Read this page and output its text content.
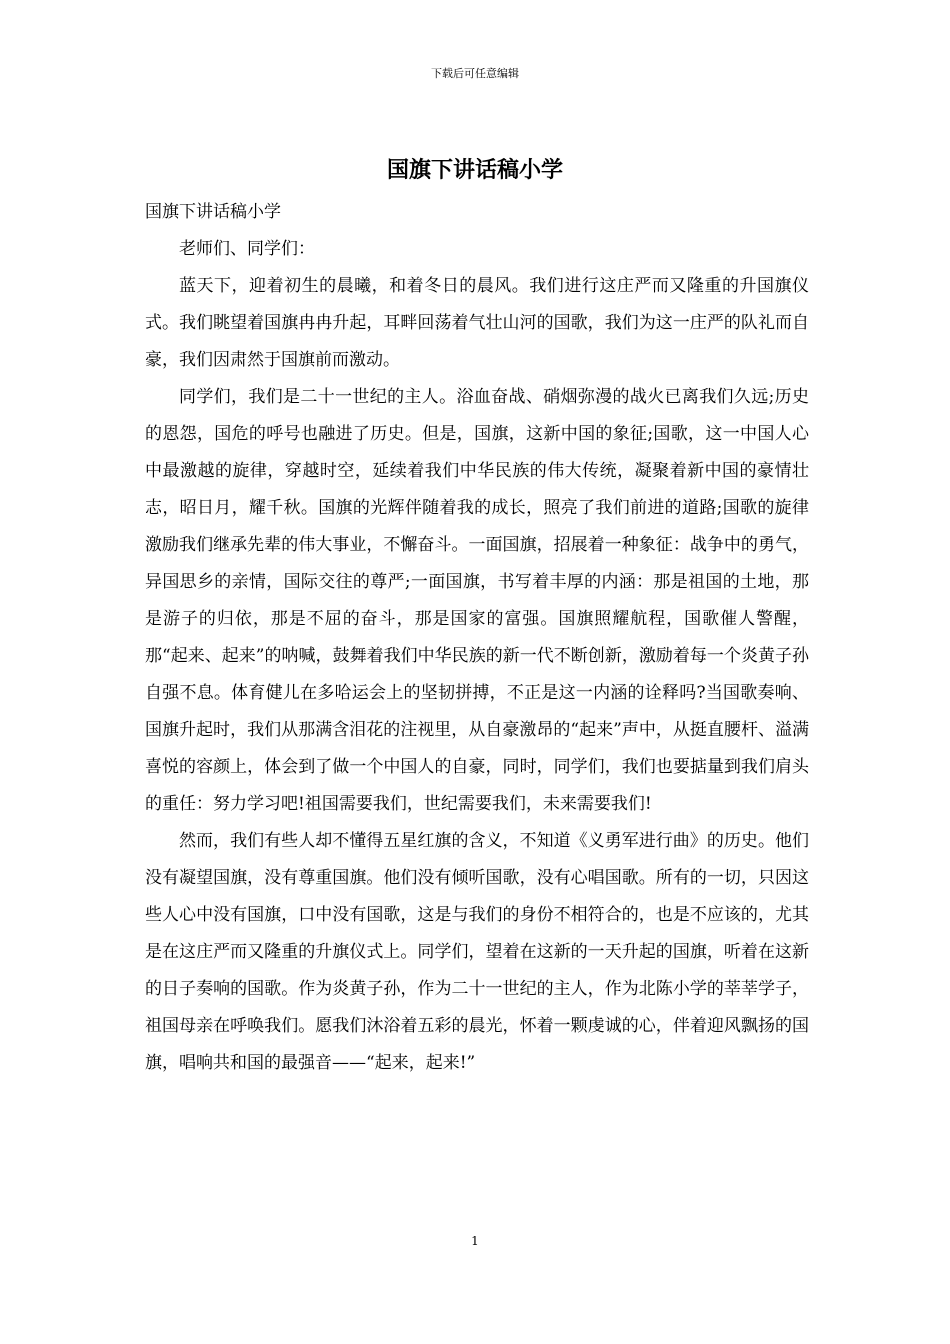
下载后可任意编辑
国旗下讲话稿小学

国旗下讲话稿小学

老师们、同学们：

蓝天下，迎着初生的晨曦，和着冬日的晨风。我们进行这庄严而又隆重的升国旗仪式。我们眺望着国旗冉冉升起，耳畔回荡着气壮山河的国歌，我们为这一庄严的队礼而自豪，我们因肃然于国旗前而激动。

同学们，我们是二十一世纪的主人。浴血奋战、硝烟弥漫的战火已离我们久远;历史的恩怨，国危的呼号也融进了历史。但是，国旗，这新中国的象征;国歌，这一中国人心中最激越的旋律，穿越时空，延续着我们中华民族的伟大传统，凝聚着新中国的豪情壮志，昭日月，耀千秋。国旗的光辉伴随着我的成长，照亮了我们前进的道路;国歌的旋律激励我们继承先辈的伟大事业，不懈奋斗。一面国旗，招展着一种象征：战争中的勇气，异国思乡的亲情，国际交往的尊严;一面国旗，书写着丰厚的内涵：那是祖国的土地，那是游子的归依，那是不屈的奋斗，那是国家的富强。国旗照耀航程，国歌催人警醒，那“起来、起来”的呐喊，鼓舞着我们中华民族的新一代不断创新，激励着每一个炎黄子孙自强不息。体育健儿在多哈运会上的坚韧拼搏，不正是这一内涵的诠释吗?当国歌奏响、国旗升起时，我们从那满含泪花的注视里，从自豪激昂的“起来”声中，从挺直腰杆、溢满喜悦的容颜上，体会到了做一个中国人的自豪，同时，同学们，我们也要掂量到我们肩头的重任：努力学习吧!祖国需要我们，世纪需要我们，未来需要我们!

然而，我们有些人却不懂得五星红旗的含义，不知道《义勇军进行曲》的历史。他们没有凝望国旗，没有尊重国旗。他们没有倾听国歌，没有心唱国歌。所有的一切，只因这些人心中没有国旗，口中没有国歌，这是与我们的身份不相符合的，也是不应该的，尤其是在这庄严而又隆重的升旗仪式上。同学们，望着在这新的一天升起的国旗，听着在这新的日子奏响的国歌。作为炎黄子孙，作为二十一世纪的主人，作为北陈小学的莘莘学子，祖国母亲在呼唤我们。愿我们沐浴着五彩的晨光，怀着一颗虔诚的心，伴着迎风飘扬的国旗，唱响共和国的最强音——“起来，起来!”

1
